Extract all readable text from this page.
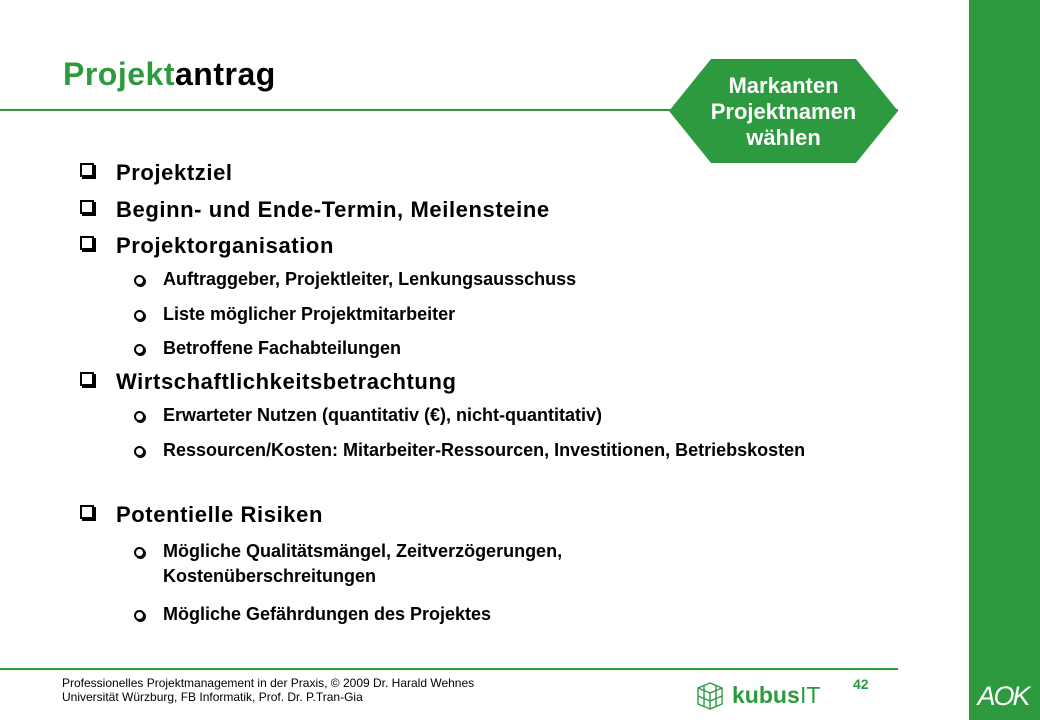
Projektantrag	Markanten
Projektnamen
wählen
Projektziel
Beginn- und Ende-Termin, Meilensteine
Projektorganisation
Auftraggeber, Projektleiter, Lenkungsausschuss
Liste möglicher Projektmitarbeiter
Betroffene Fachabteilungen
Wirtschaftlichkeitsbetrachtung
Erwarteter Nutzen (quantitativ (€), nicht-quantitativ)
Ressourcen/Kosten: Mitarbeiter-Ressourcen, Investitionen, Betriebskosten
Potentielle Risiken
Mögliche Qualitätsmängel, Zeitverzögerungen, Kostenüberschreitungen
Mögliche Gefährdungen des Projektes
Professionelles Projektmanagement in der Praxis, © 2009 Dr. Harald Wehnes
Universität Würzburg, FB Informatik, Prof. Dr. P.Tran-Gia	kubus IT 42	AOK
